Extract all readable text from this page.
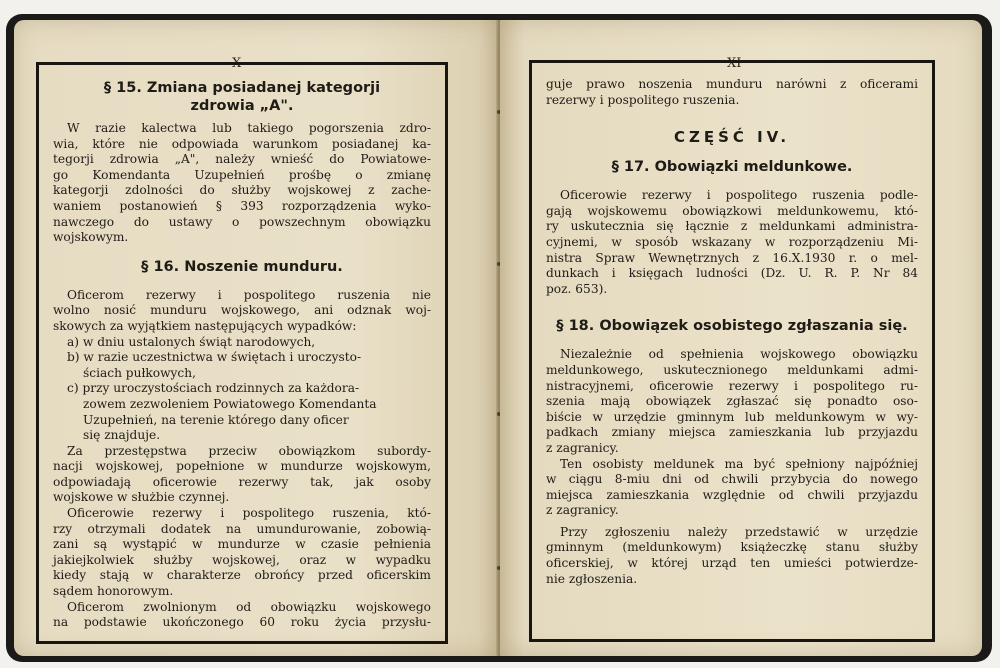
X
§ 15. Zmiana posiadanej kategorji
zdrowia „A".
W razie kalectwa lub takiego pogorszenia zdro-
wia, które nie odpowiada warunkom posiadanej ka-
tegorji zdrowia „A", należy wnieść do Powiatowe-
go Komendanta Uzupełnień prośbę o zmianę
kategorji zdolności do służby wojskowej z zache-
waniem postanowień § 393 rozporządzenia wyko-
nawczego do ustawy o powszechnym obowiązku
wojskowym.
§ 16. Noszenie munduru.
Oficerom rezerwy i pospolitego ruszenia nie
wolno nosić munduru wojskowego, ani odznak woj-
skowych za wyjątkiem następujących wypadków:
a) w dniu ustalonych świąt narodowych,
b) w razie uczestnictwa w świętach i uroczysto-
ściach pułkowych,
c) przy uroczystościach rodzinnych za każdora-
zowem zezwoleniem Powiatowego Komendanta
Uzupełnień, na terenie którego dany oficer
się znajduje.
Za przestępstwa przeciw obowiązkom subordy-
nacji wojskowej, popełnione w mundurze wojskowym,
odpowiadają oficerowie rezerwy tak, jak osoby
wojskowe w służbie czynnej.
Oficerowie rezerwy i pospolitego ruszenia, któ-
rzy otrzymali dodatek na umundurowanie, zobowią-
zani są wystąpić w mundurze w czasie pełnienia
jakiejkolwiek służby wojskowej, oraz w wypadku
kiedy stają w charakterze obrońcy przed oficerskim
sądem honorowym.
Oficerom zwolnionym od obowiązku wojskowego
na podstawie ukończonego 60 roku życia przysłu-
XI
guje prawo noszenia munduru narówni z oficerami
rezerwy i pospolitego ruszenia.
CZĘŚĆ IV.
§ 17. Obowiązki meldunkowe.
Oficerowie rezerwy i pospolitego ruszenia podle-
gają wojskowemu obowiązkowi meldunkowemu, któ-
ry uskutecznia się łącznie z meldunkami administra-
cyjnemi, w sposób wskazany w rozporządzeniu Mi-
nistra Spraw Wewnętrznych z 16.X.1930 r. o mel-
dunkach i księgach ludności (Dz. U. R. P. Nr 84
poz. 653).
§ 18. Obowiązek osobistego zgłaszania się.
Niezależnie od spełnienia wojskowego obowiązku
meldunkowego, uskutecznionego meldunkami admi-
nistracyjnemi, oficerowie rezerwy i pospolitego ru-
szenia mają obowiązek zgłaszać się ponadto oso-
biście w urzędzie gminnym lub meldunkowym w wy-
padkach zmiany miejsca zamieszkania lub przyjazdu
z zagranicy.
Ten osobisty meldunek ma być spełniony najpóźniej
w ciągu 8-miu dni od chwili przybycia do nowego
miejsca zamieszkania względnie od chwili przyjazdu
z zagranicy.
Przy zgłoszeniu należy przedstawić w urzędzie
gminnym (meldunkowym) książeczkę stanu służby
oficerskiej, w której urząd ten umieści potwierdze-
nie zgłoszenia.
